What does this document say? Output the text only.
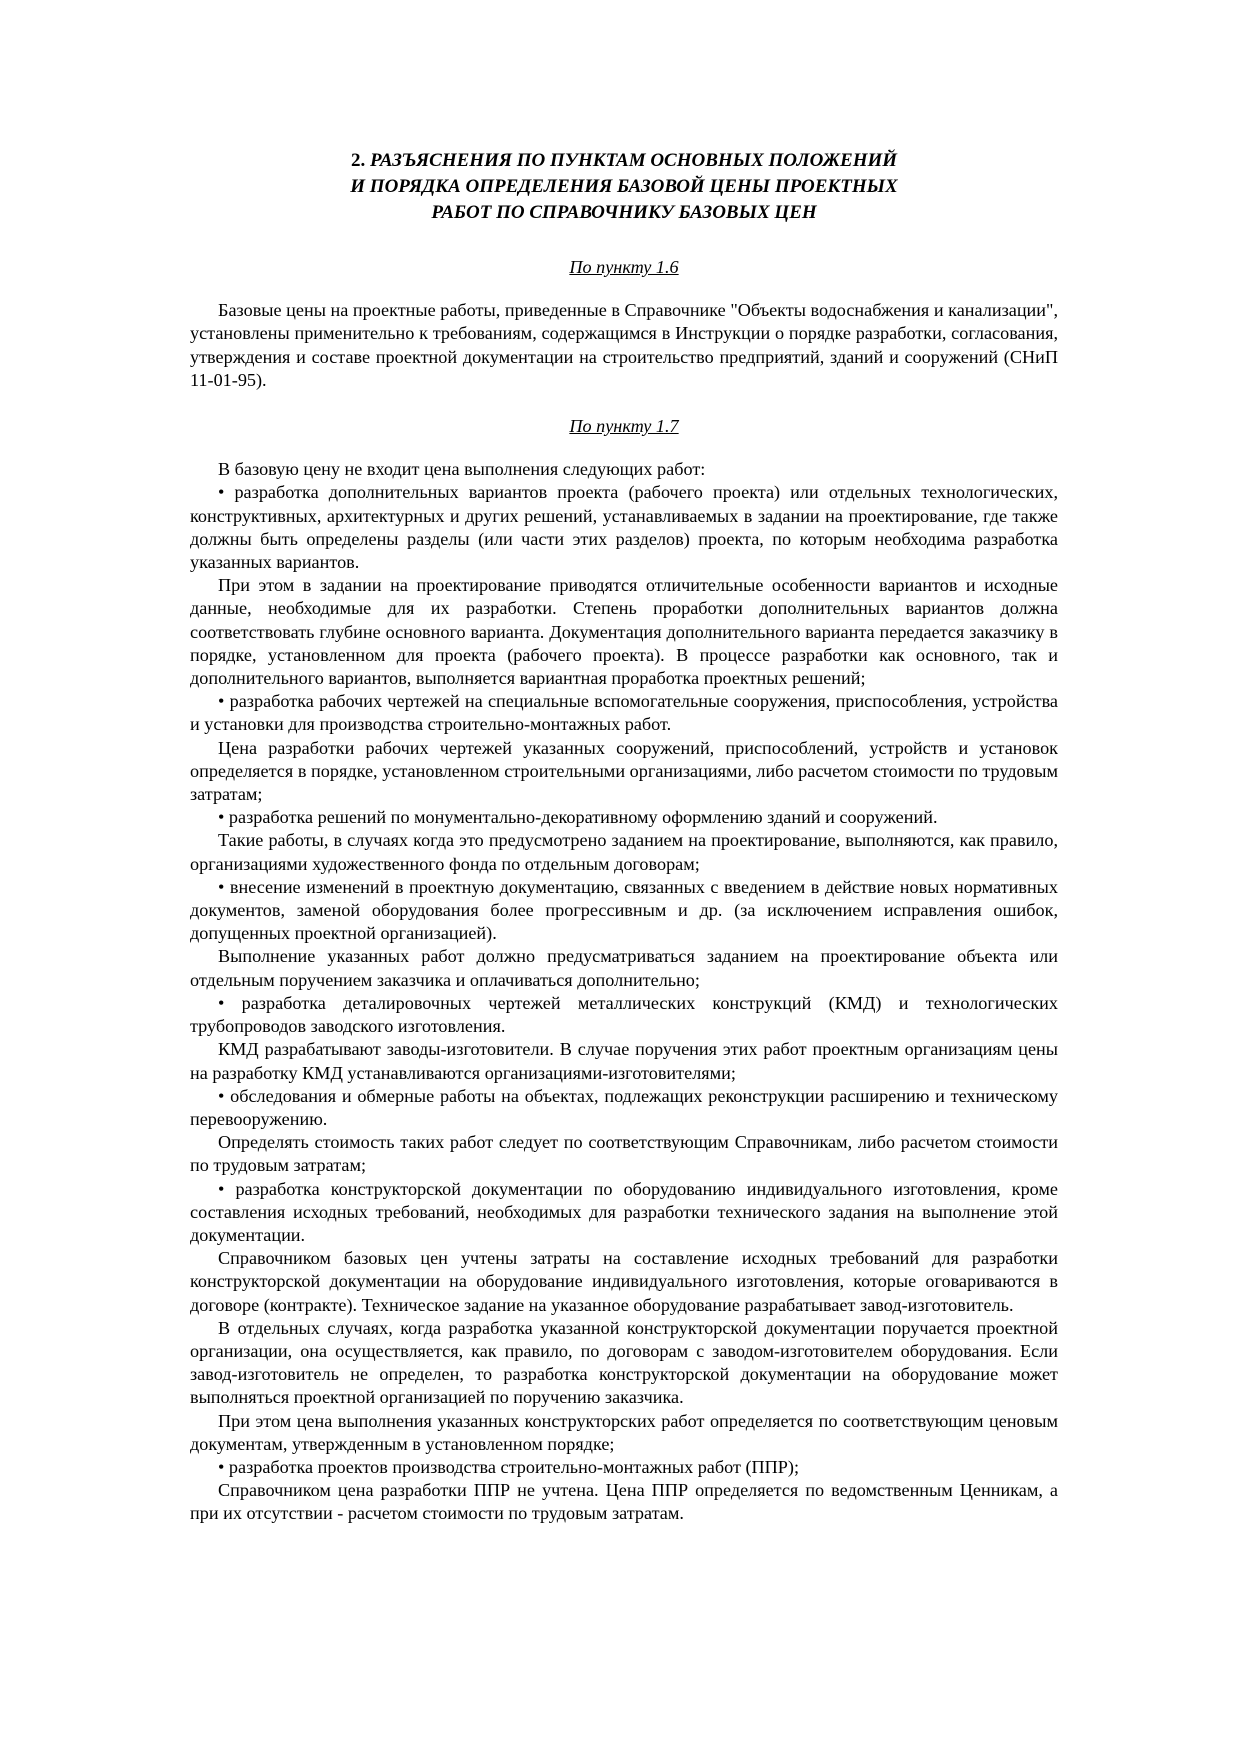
2. РАЗЪЯСНЕНИЯ ПО ПУНКТАМ ОСНОВНЫХ ПОЛОЖЕНИЙ
И ПОРЯДКА ОПРЕДЕЛЕНИЯ БАЗОВОЙ ЦЕНЫ ПРОЕКТНЫХ
РАБОТ ПО СПРАВОЧНИКУ БАЗОВЫХ ЦЕН
По пункту 1.6

Базовые цены на проектные работы, приведенные в Справочнике "Объекты водоснабжения и канализации", установлены применительно к требованиям, содержащимся в Инструкции о порядке разработки, согласования, утверждения и составе проектной документации на строительство предприятий, зданий и сооружений (СНиП 11-01-95).

По пункту 1.7

В базовую цену не входит цена выполнения следующих работ:

• разработка дополнительных вариантов проекта (рабочего проекта) или отдельных технологических, конструктивных, архитектурных и других решений, устанавливаемых в задании на проектирование, где также должны быть определены разделы (или части этих разделов) проекта, по которым необходима разработка указанных вариантов.

При этом в задании на проектирование приводятся отличительные особенности вариантов и исходные данные, необходимые для их разработки. Степень проработки дополнительных вариантов должна соответствовать глубине основного варианта. Документация дополнительного варианта передается заказчику в порядке, установленном для проекта (рабочего проекта). В процессе разработки как основного, так и дополнительного вариантов, выполняется вариантная проработка проектных решений;

• разработка рабочих чертежей на специальные вспомогательные сооружения, приспособления, устройства и установки для производства строительно-монтажных работ.

Цена разработки рабочих чертежей указанных сооружений, приспособлений, устройств и установок определяется в порядке, установленном строительными организациями, либо расчетом стоимости по трудовым затратам;

• разработка решений по монументально-декоративному оформлению зданий и сооружений.

Такие работы, в случаях когда это предусмотрено заданием на проектирование, выполняются, как правило, организациями художественного фонда по отдельным договорам;

• внесение изменений в проектную документацию, связанных с введением в действие новых нормативных документов, заменой оборудования более прогрессивным и др. (за исключением исправления ошибок, допущенных проектной организацией).

Выполнение указанных работ должно предусматриваться заданием на проектирование объекта или отдельным поручением заказчика и оплачиваться дополнительно;

• разработка деталировочных чертежей металлических конструкций (КМД) и технологических трубопроводов заводского изготовления.

КМД разрабатывают заводы-изготовители. В случае поручения этих работ проектным организациям цены на разработку КМД устанавливаются организациями-изготовителями;

• обследования и обмерные работы на объектах, подлежащих реконструкции расширению и техническому перевооружению.

Определять стоимость таких работ следует по соответствующим Справочникам, либо расчетом стоимости по трудовым затратам;

• разработка конструкторской документации по оборудованию индивидуального изготовления, кроме составления исходных требований, необходимых для разработки технического задания на выполнение этой документации.

Справочником базовых цен учтены затраты на составление исходных требований для разработки конструкторской документации на оборудование индивидуального изготовления, которые оговариваются в договоре (контракте). Техническое задание на указанное оборудование разрабатывает завод-изготовитель.

В отдельных случаях, когда разработка указанной конструкторской документации поручается проектной организации, она осуществляется, как правило, по договорам с заводом-изготовителем оборудования. Если завод-изготовитель не определен, то разработка конструкторской документации на оборудование может выполняться проектной организацией по поручению заказчика.

При этом цена выполнения указанных конструкторских работ определяется по соответствующим ценовым документам, утвержденным в установленном порядке;

• разработка проектов производства строительно-монтажных работ (ППР);

Справочником цена разработки ППР не учтена. Цена ППР определяется по ведомственным Ценникам, а при их отсутствии - расчетом стоимости по трудовым затратам.
